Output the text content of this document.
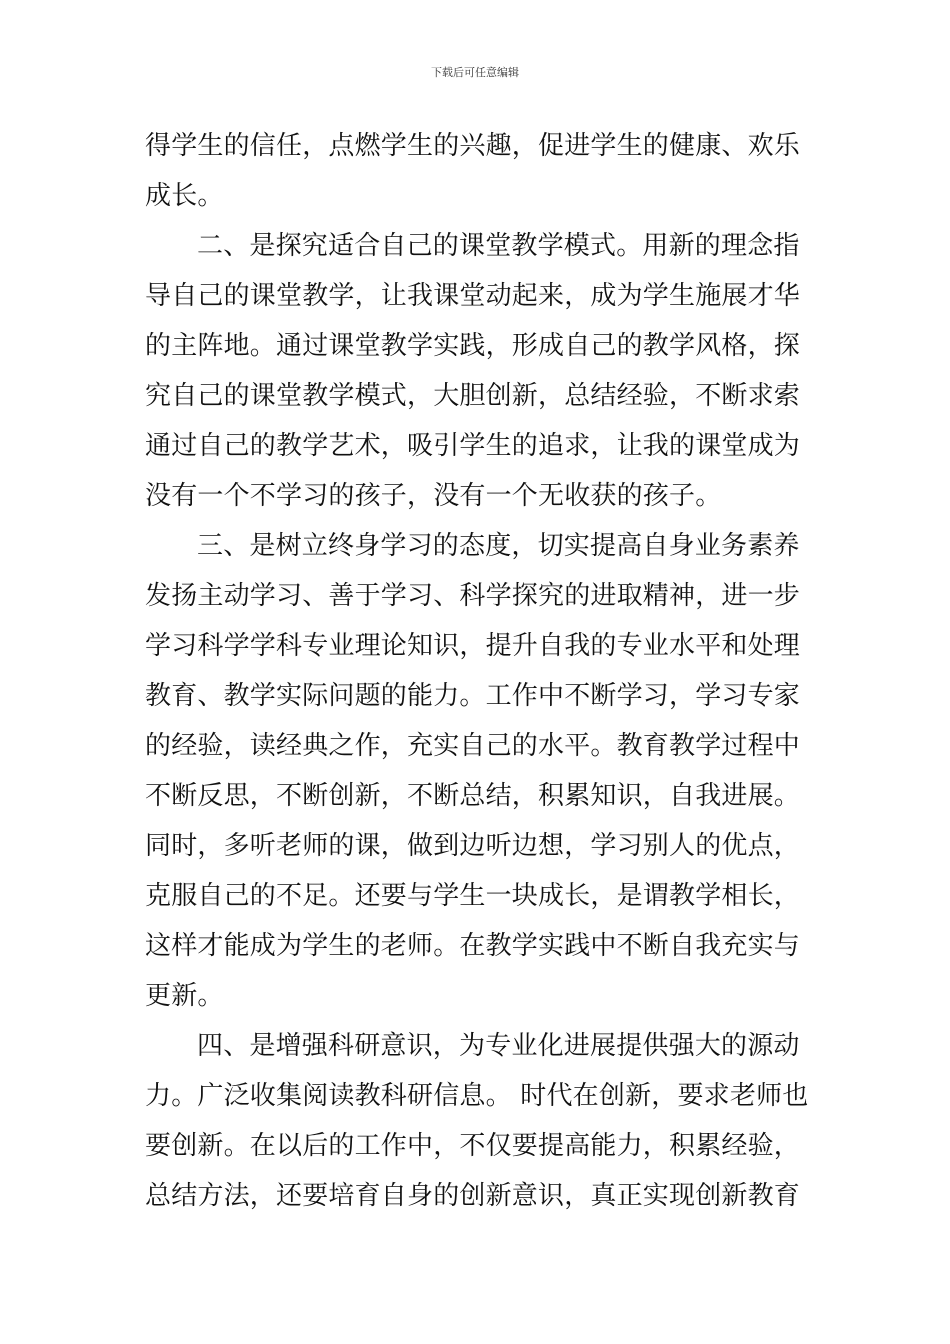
下载后可任意编辑
得学生的信任，点燃学生的兴趣，促进学生的健康、欢乐
成长。
二、是探究适合自己的课堂教学模式。用新的理念指
导自己的课堂教学，让我课堂动起来，成为学生施展才华
的主阵地。通过课堂教学实践，形成自己的教学风格，探
究自己的课堂教学模式，大胆创新，总结经验，不断求索
通过自己的教学艺术，吸引学生的追求，让我的课堂成为
没有一个不学习的孩子，没有一个无收获的孩子。
三、是树立终身学习的态度，切实提高自身业务素养
发扬主动学习、善于学习、科学探究的进取精神，进一步
学习科学学科专业理论知识，提升自我的专业水平和处理
教育、教学实际问题的能力。工作中不断学习，学习专家
的经验，读经典之作，充实自己的水平。教育教学过程中
不断反思，不断创新，不断总结，积累知识，自我进展。
同时，多听老师的课，做到边听边想，学习别人的优点，
克服自己的不足。还要与学生一块成长，是谓教学相长，
这样才能成为学生的老师。在教学实践中不断自我充实与
更新。
四、是增强科研意识，为专业化进展提供强大的源动
力。广泛收集阅读教科研信息。 时代在创新，要求老师也
要创新。在以后的工作中，不仅要提高能力，积累经验，
总结方法，还要培育自身的创新意识，真正实现创新教育
